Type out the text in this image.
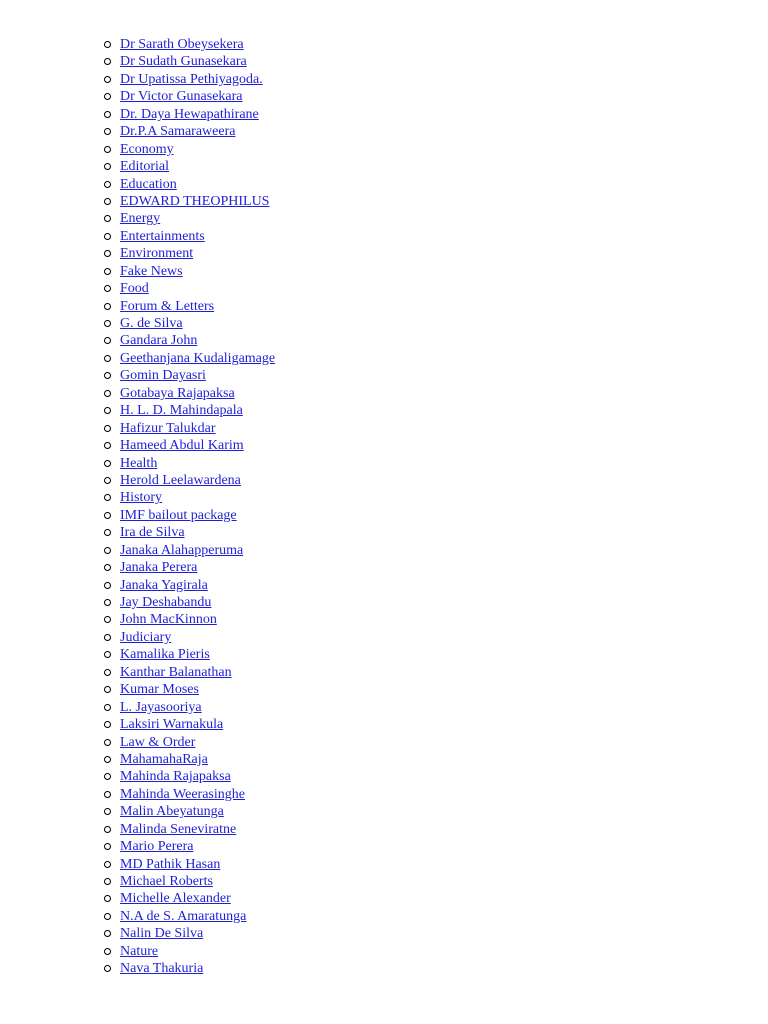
Dr Sarath Obeysekera
Dr Sudath Gunasekara
Dr Upatissa Pethiyagoda.
Dr Victor Gunasekara
Dr. Daya Hewapathirane
Dr.P.A Samaraweera
Economy
Editorial
Education
EDWARD THEOPHILUS
Energy
Entertainments
Environment
Fake News
Food
Forum & Letters
G. de Silva
Gandara John
Geethanjana Kudaligamage
Gomin Dayasri
Gotabaya Rajapaksa
H. L. D. Mahindapala
Hafizur Talukdar
Hameed Abdul Karim
Health
Herold Leelawardena
History
IMF bailout package
Ira de Silva
Janaka Alahapperuma
Janaka Perera
Janaka Yagirala
Jay Deshabandu
John MacKinnon
Judiciary
Kamalika Pieris
Kanthar Balanathan
Kumar Moses
L. Jayasooriya
Laksiri Warnakula
Law & Order
MahamahaRaja
Mahinda Rajapaksa
Mahinda Weerasinghe
Malin Abeyatunga
Malinda Seneviratne
Mario Perera
MD Pathik Hasan
Michael Roberts
Michelle Alexander
N.A de S. Amaratunga
Nalin De Silva
Nature
Nava Thakuria
